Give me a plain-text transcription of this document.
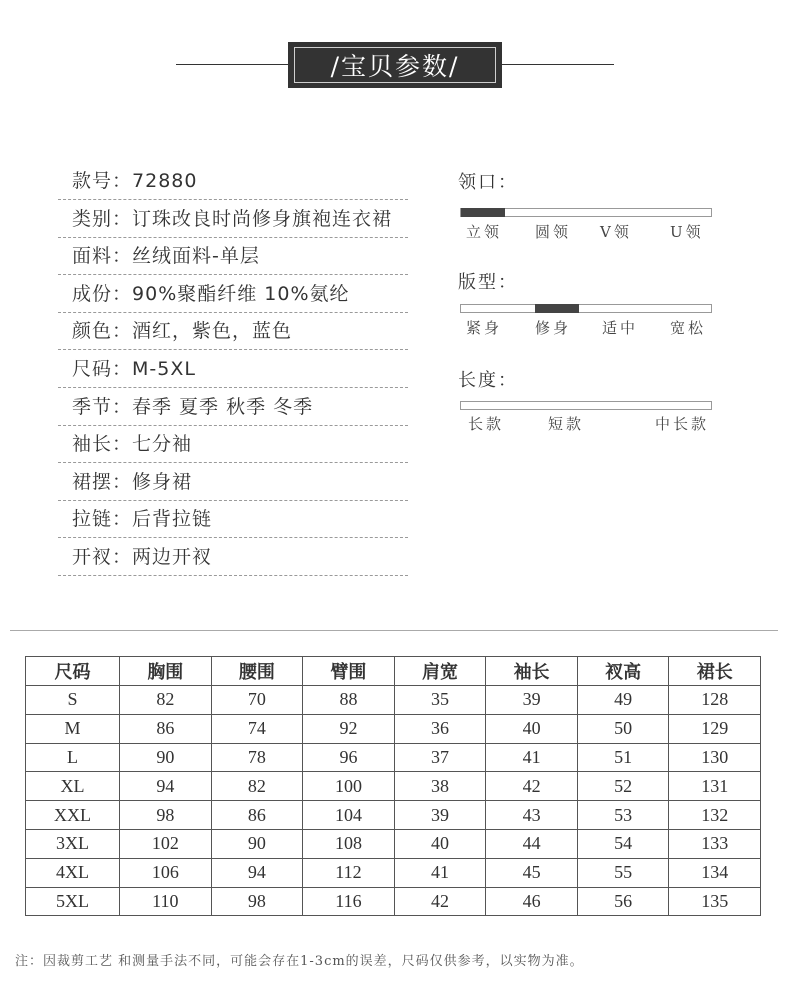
/宝贝参数/
款号：72880
类别：订珠改良时尚修身旗袍连衣裙
面料：丝绒面料-单层
成份：90%聚酯纤维 10%氨纶
颜色：酒红，紫色，蓝色
尺码：M-5XL
季节：春季 夏季 秋季 冬季
袖长：七分袖
裙摆：修身裙
拉链：后背拉链
开衩：两边开衩
领口：
立领 圆领 V领	U领
版型：
紧身 修身 适中 宽松
长度：
长款	短款	中长款
尺码	胸围	腰围	臂围	肩宽	袖长	衩高	裙长
S	82	70	88	35	39	49	128
M	86	74	92	36	40	50	129
L	90	78	96	37	41	51	130
XL	94	82	100	38	42	52	131
XXL	98	86	104	39	43	53	132
3XL	102	90	108	40	44	54	133
4XL	106	94	112	41	45	55	134
5XL	110	98	116	42	46	56	135
注：因裁剪工艺 和测量手法不同，可能会存在1-3cm的误差，尺码仅供参考，以实物为准。
